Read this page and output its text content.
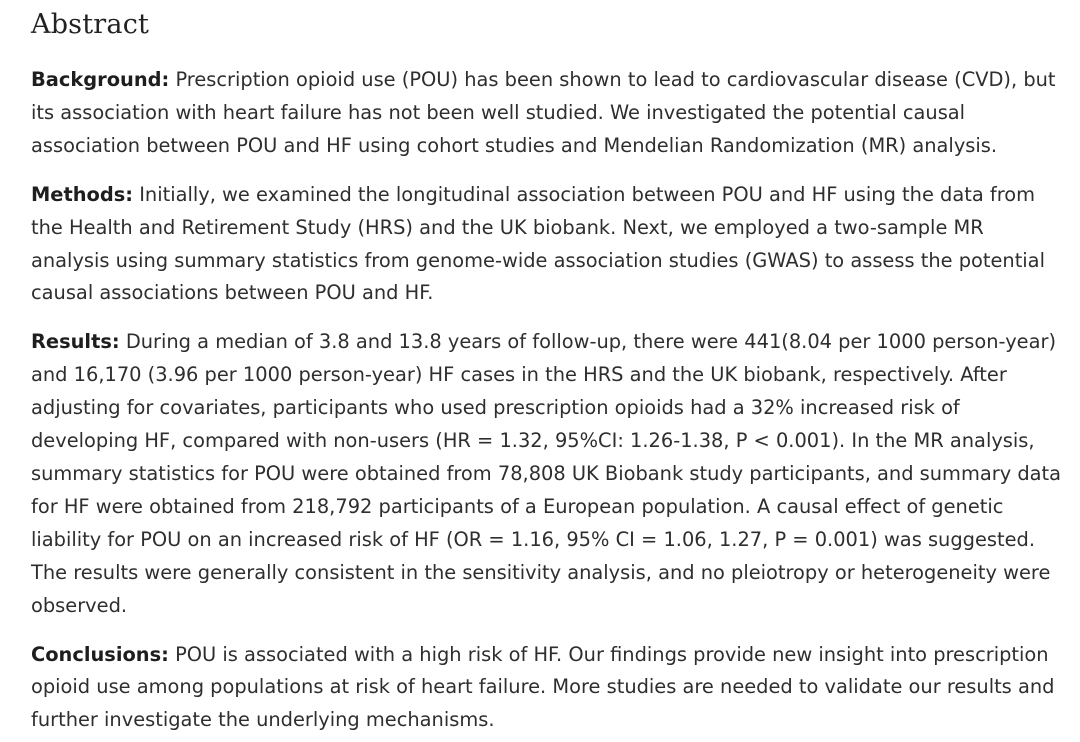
Abstract

Background: Prescription opioid use (POU) has been shown to lead to cardiovascular disease (CVD), but its association with heart failure has not been well studied. We investigated the potential causal association between POU and HF using cohort studies and Mendelian Randomization (MR) analysis.

Methods: Initially, we examined the longitudinal association between POU and HF using the data from the Health and Retirement Study (HRS) and the UK biobank. Next, we employed a two-sample MR analysis using summary statistics from genome-wide association studies (GWAS) to assess the potential causal associations between POU and HF.

Results: During a median of 3.8 and 13.8 years of follow-up, there were 441(8.04 per 1000 person-year) and 16,170 (3.96 per 1000 person-year) HF cases in the HRS and the UK biobank, respectively. After adjusting for covariates, participants who used prescription opioids had a 32% increased risk of developing HF, compared with non-users (HR = 1.32, 95%CI: 1.26-1.38, P < 0.001). In the MR analysis, summary statistics for POU were obtained from 78,808 UK Biobank study participants, and summary data for HF were obtained from 218,792 participants of a European population. A causal effect of genetic liability for POU on an increased risk of HF (OR = 1.16, 95% CI = 1.06, 1.27, P = 0.001) was suggested. The results were generally consistent in the sensitivity analysis, and no pleiotropy or heterogeneity were observed.

Conclusions: POU is associated with a high risk of HF. Our findings provide new insight into prescription opioid use among populations at risk of heart failure. More studies are needed to validate our results and further investigate the underlying mechanisms.
